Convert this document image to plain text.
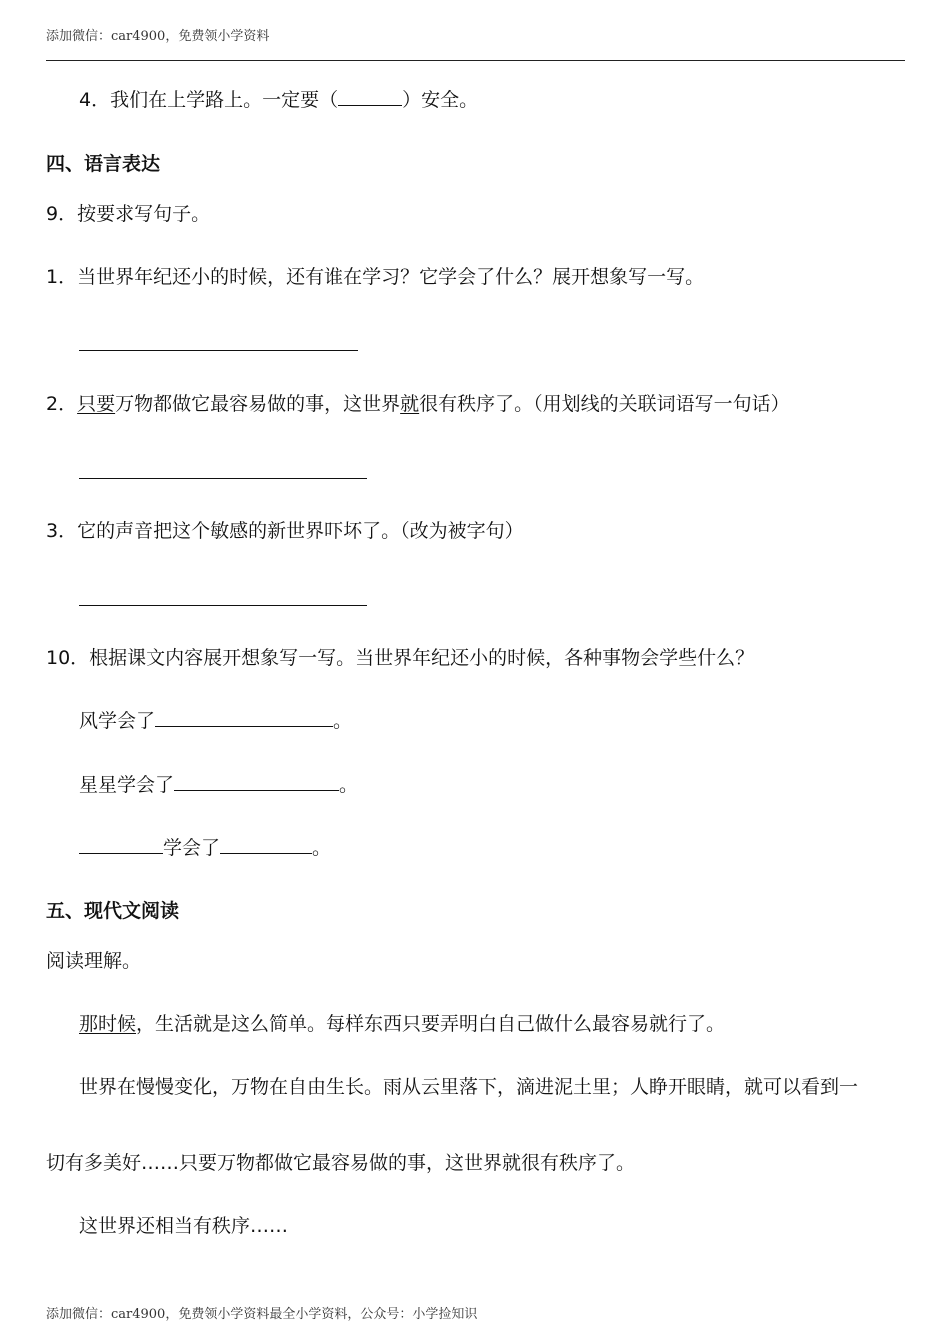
添加微信：car4900，免费领小学资料
4．我们在上学路上。一定要（	）安全。
四、语言表达
9．按要求写句子。
1．当世界年纪还小的时候，还有谁在学习？它学会了什么？展开想象写一写。
2．只要万物都做它最容易做的事，这世界就很有秩序了。（用划线的关联词语写一句话）
3．它的声音把这个敏感的新世界吓坏了。（改为被字句）
10．根据课文内容展开想象写一写。当世界年纪还小的时候，各种事物会学些什么？
风学会了	。
星星学会了	。
学会了	。
五、现代文阅读
阅读理解。
那时候，生活就是这么简单。每样东西只要弄明白自己做什么最容易就行了。
世界在慢慢变化，万物在自由生长。雨从云里落下，滴进泥土里；人睁开眼睛，就可以看到一
切有多美好……只要万物都做它最容易做的事，这世界就很有秩序了。
这世界还相当有秩序……
添加微信：car4900，免费领小学资料最全小学资料，公众号：小学捡知识
